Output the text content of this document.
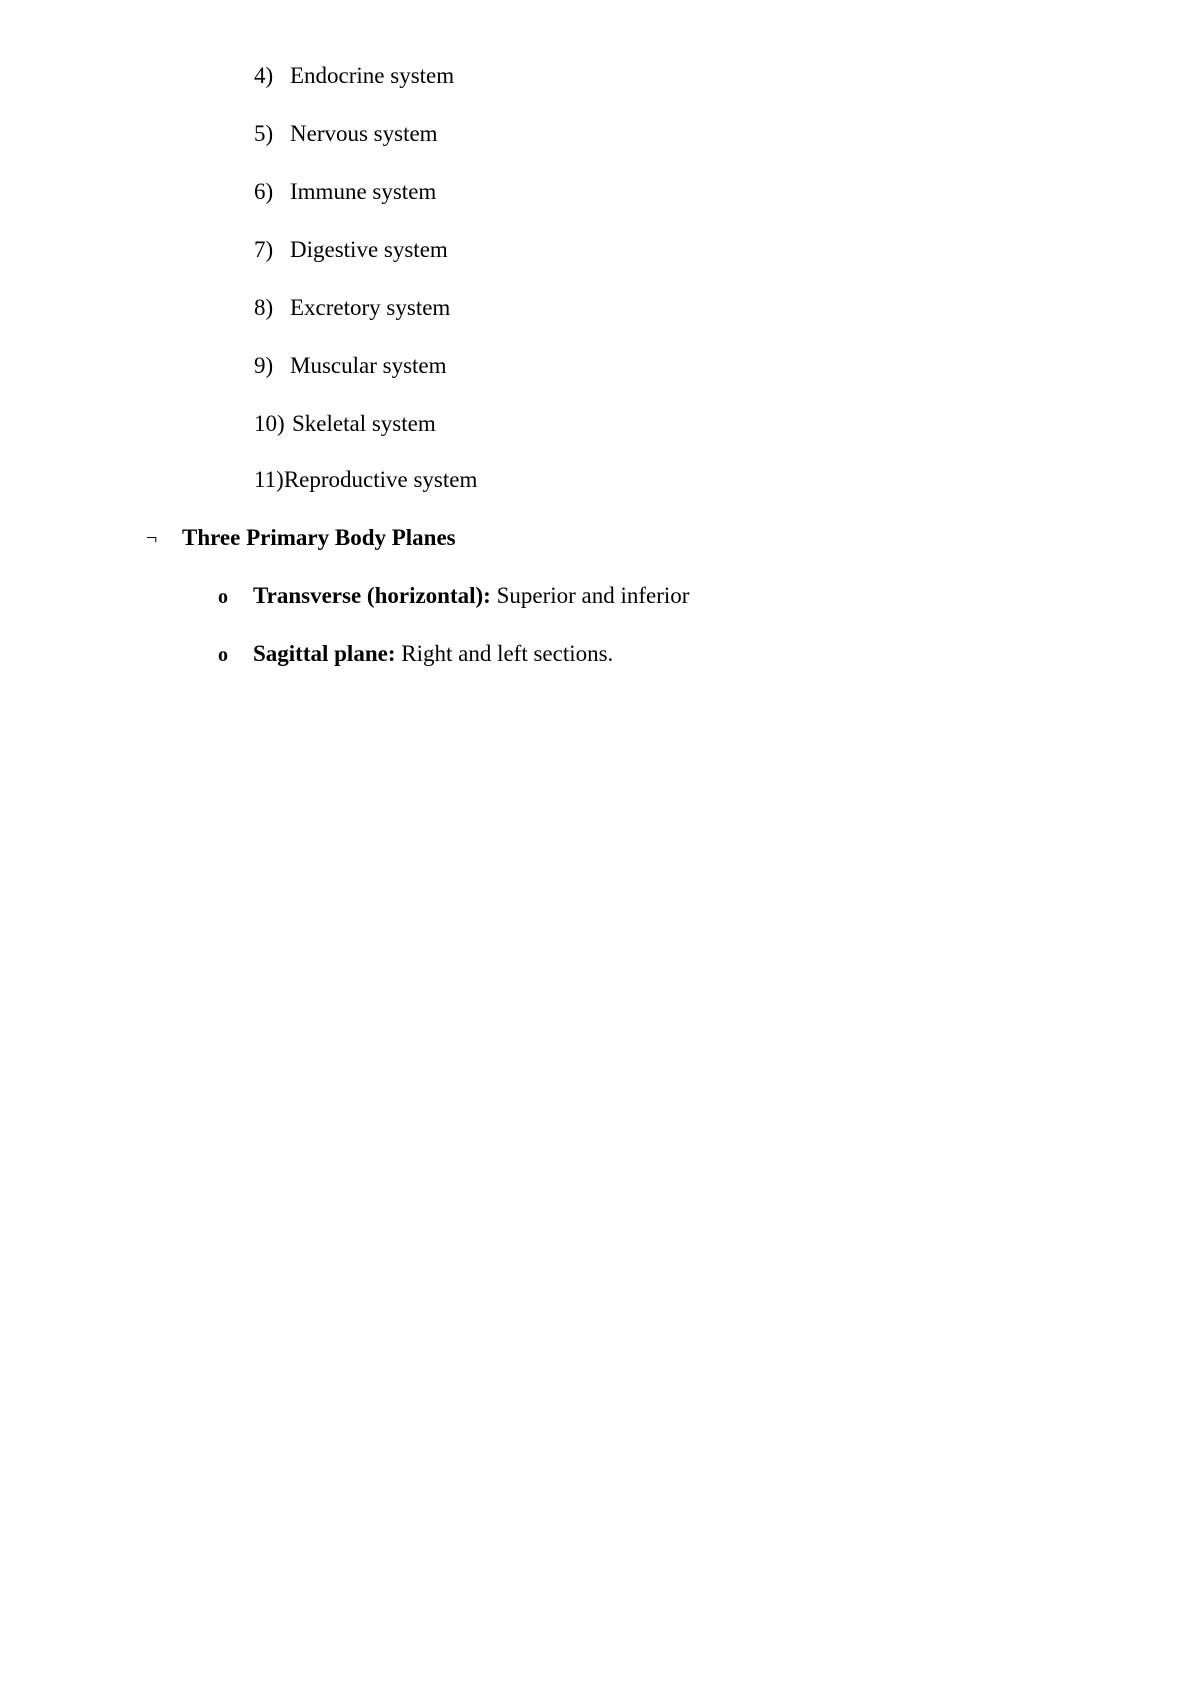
4) Endocrine system
5) Nervous system
6) Immune system
7) Digestive system
8) Excretory system
9) Muscular system
10) Skeletal system
11)Reproductive system
¬ Three Primary Body Planes
o Transverse (horizontal): Superior and inferior
o Sagittal plane: Right and left sections.
